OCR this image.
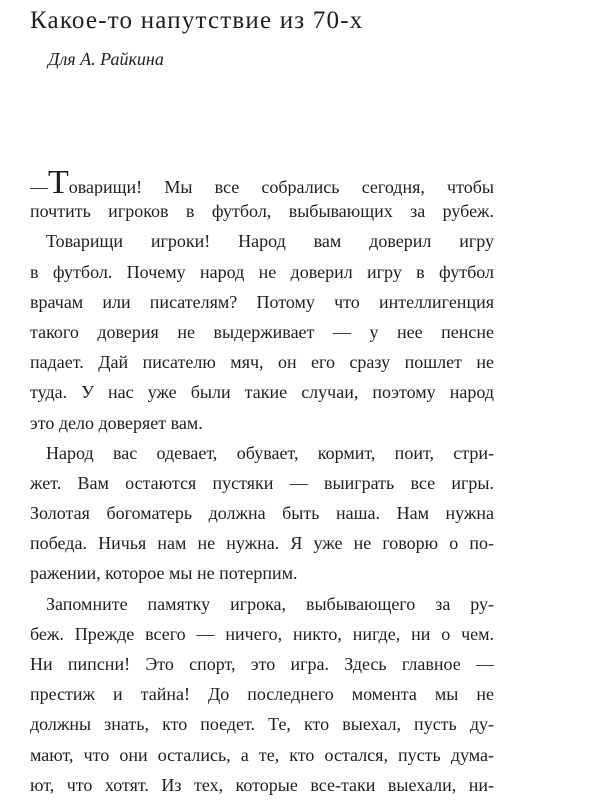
Какое-то напутствие из 70-х
Для А. Райкина
—Товарищи! Мы все собрались сегодня, чтобы
почтить игроков в футбол, выбывающих за рубеж.
Товарищи игроки! Народ вам доверил игру
в футбол. Почему народ не доверил игру в футбол
врачам или писателям? Потому что интеллигенция
такого доверия не выдерживает — у нее пенсне
падает. Дай писателю мяч, он его сразу пошлет не
туда. У нас уже были такие случаи, поэтому народ
это дело доверяет вам.
Народ вас одевает, обувает, кормит, поит, стри-
жет. Вам остаются пустяки — выиграть все игры.
Золотая богоматерь должна быть наша. Нам нужна
победа. Ничья нам не нужна. Я уже не говорю о по-
ражении, которое мы не потерпим.
Запомните памятку игрока, выбывающего за ру-
беж. Прежде всего — ничего, никто, нигде, ни о чем.
Ни пипсни! Это спорт, это игра. Здесь главное —
престиж и тайна! До последнего момента мы не
должны знать, кто поедет. Те, кто выехал, пусть ду-
мают, что они остались, а те, кто остался, пусть дума-
ют, что хотят. Из тех, которые все-таки выехали, ни-
